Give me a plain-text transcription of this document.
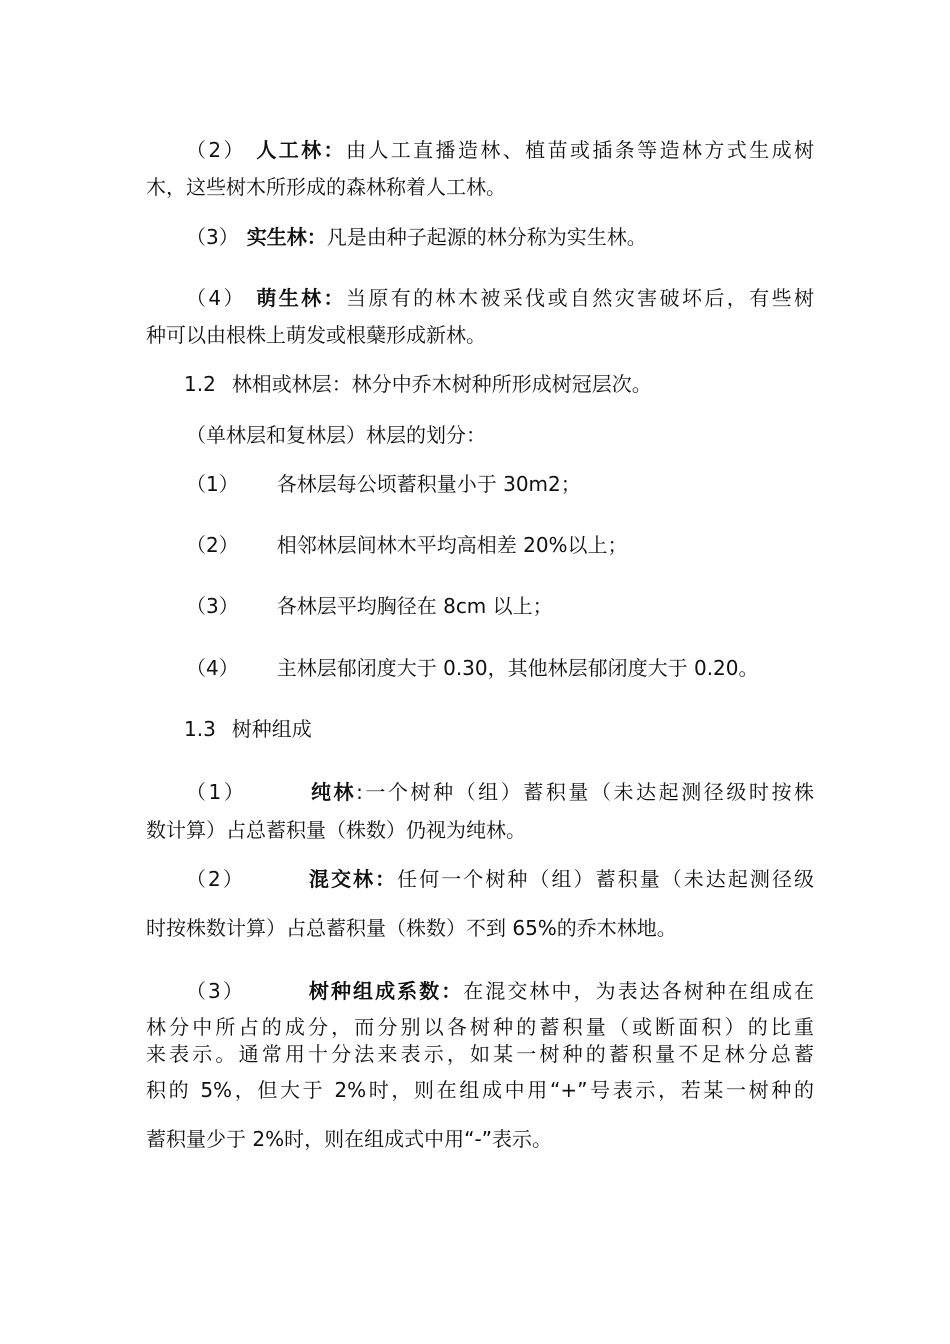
（2） 人工林：由人工直播造林、植苗或插条等造林方式生成树
木，这些树木所形成的森林称着人工林。
（3） 实生林：凡是由种子起源的林分称为实生林。
（4） 萌生林：当原有的林木被采伐或自然灾害破坏后，有些树
种可以由根株上萌发或根蘖形成新林。
1.2 林相或林层：林分中乔木树种所形成树冠层次。
（单林层和复林层）林层的划分：
（1） 各林层每公顷蓄积量小于 30m2；
（2） 相邻林层间林木平均高相差 20%以上；
（3） 各林层平均胸径在 8cm 以上；
（4） 主林层郁闭度大于 0.30，其他林层郁闭度大于 0.20。
1.3 树种组成
（1）	纯林:一个树种（组）蓄积量（未达起测径级时按株
数计算）占总蓄积量（株数）仍视为纯林。
（2）	混交林：任何一个树种（组）蓄积量（未达起测径级
时按株数计算）占总蓄积量（株数）不到 65%的乔木林地。
（3）	树种组成系数：在混交林中，为表达各树种在组成在
林分中所占的成分，而分别以各树种的蓄积量（或断面积）的比重
来表示。通常用十分法来表示，如某一树种的蓄积量不足林分总蓄
积的 5%，但大于 2%时，则在组成中用“+”号表示，若某一树种的
蓄积量少于 2%时，则在组成式中用“-”表示。
